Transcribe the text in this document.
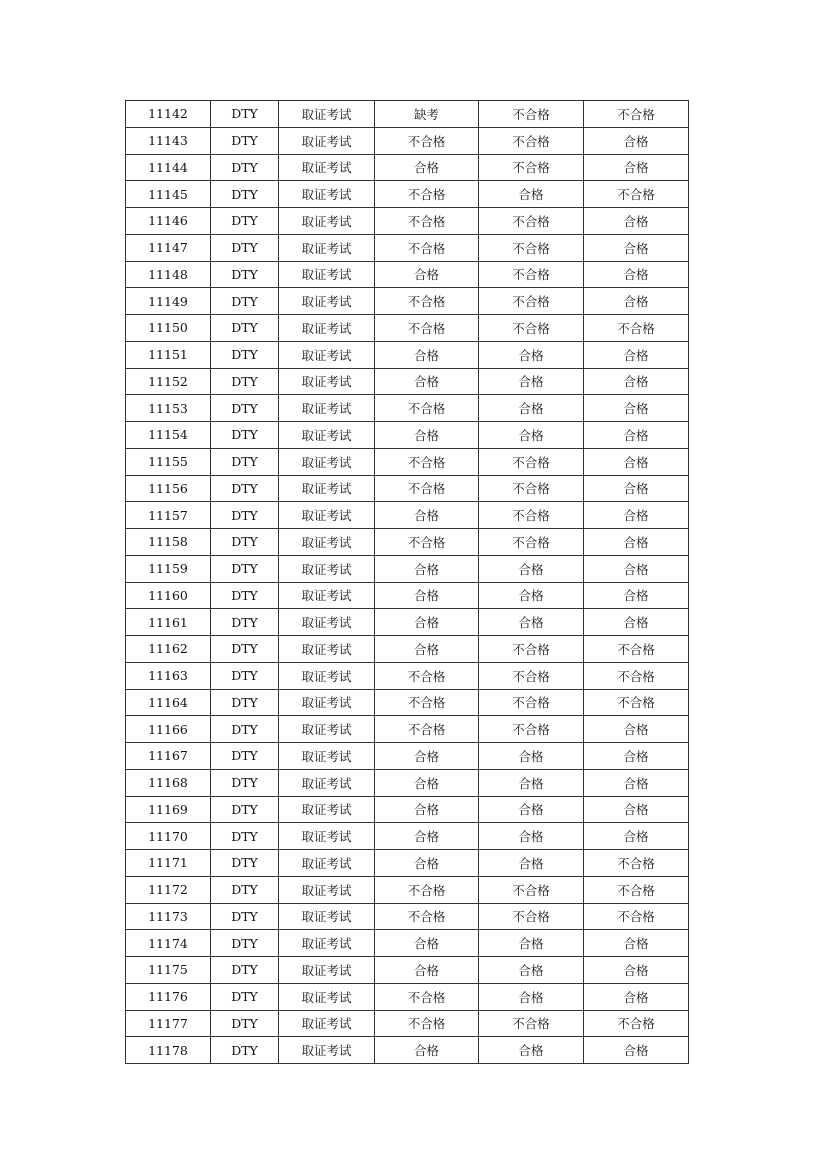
11142	DTY	取证考试	缺考	不合格	不合格
11143	DTY	取证考试	不合格	不合格	合格
11144	DTY	取证考试	合格	不合格	合格
11145	DTY	取证考试	不合格	合格	不合格
11146	DTY	取证考试	不合格	不合格	合格
11147	DTY	取证考试	不合格	不合格	合格
11148	DTY	取证考试	合格	不合格	合格
11149	DTY	取证考试	不合格	不合格	合格
11150	DTY	取证考试	不合格	不合格	不合格
11151	DTY	取证考试	合格	合格	合格
11152	DTY	取证考试	合格	合格	合格
11153	DTY	取证考试	不合格	合格	合格
11154	DTY	取证考试	合格	合格	合格
11155	DTY	取证考试	不合格	不合格	合格
11156	DTY	取证考试	不合格	不合格	合格
11157	DTY	取证考试	合格	不合格	合格
11158	DTY	取证考试	不合格	不合格	合格
11159	DTY	取证考试	合格	合格	合格
11160	DTY	取证考试	合格	合格	合格
11161	DTY	取证考试	合格	合格	合格
11162	DTY	取证考试	合格	不合格	不合格
11163	DTY	取证考试	不合格	不合格	不合格
11164	DTY	取证考试	不合格	不合格	不合格
11166	DTY	取证考试	不合格	不合格	合格
11167	DTY	取证考试	合格	合格	合格
11168	DTY	取证考试	合格	合格	合格
11169	DTY	取证考试	合格	合格	合格
11170	DTY	取证考试	合格	合格	合格
11171	DTY	取证考试	合格	合格	不合格
11172	DTY	取证考试	不合格	不合格	不合格
11173	DTY	取证考试	不合格	不合格	不合格
11174	DTY	取证考试	合格	合格	合格
11175	DTY	取证考试	合格	合格	合格
11176	DTY	取证考试	不合格	合格	合格
11177	DTY	取证考试	不合格	不合格	不合格
11178	DTY	取证考试	合格	合格	合格
